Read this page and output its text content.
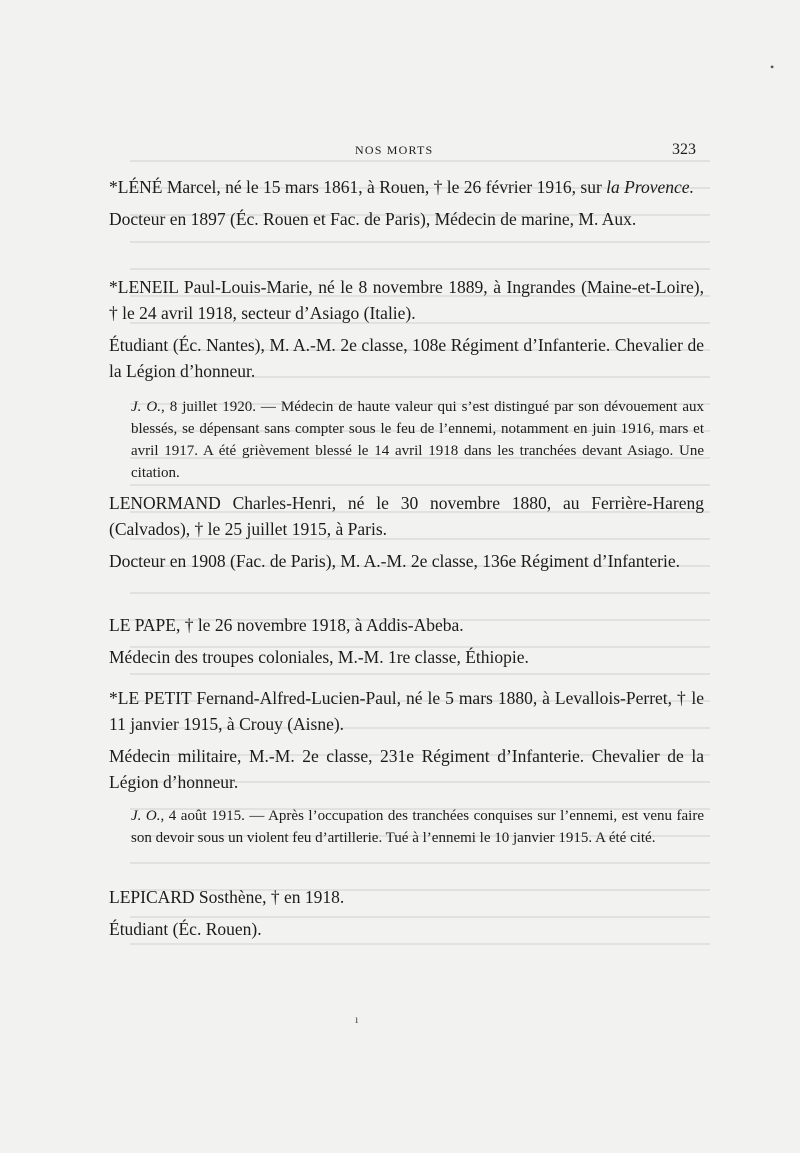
NOS MORTS	323

*LÉNÉ Marcel, né le 15 mars 1861, à Rouen, † le 26 février 1916, sur la Provence.

Docteur en 1897 (Éc. Rouen et Fac. de Paris), Médecin de marine, M. Aux.

*LENEIL Paul-Louis-Marie, né le 8 novembre 1889, à Ingrandes (Maine-et-Loire), † le 24 avril 1918, secteur d’Asiago (Italie).

Étudiant (Éc. Nantes), M. A.-M. 2e classe, 108e Régiment d’Infanterie. Chevalier de la Légion d’honneur.

J. O., 8 juillet 1920. — Médecin de haute valeur qui s’est distingué par son dévouement aux blessés, se dépensant sans compter sous le feu de l’ennemi, notamment en juin 1916, mars et avril 1917. A été grièvement blessé le 14 avril 1918 dans les tranchées devant Asiago. Une citation.

LENORMAND Charles-Henri, né le 30 novembre 1880, au Ferrière-Hareng (Calvados), † le 25 juillet 1915, à Paris.

Docteur en 1908 (Fac. de Paris), M. A.-M. 2e classe, 136e Régiment d’Infanterie.

LE PAPE, † le 26 novembre 1918, à Addis-Abeba.

Médecin des troupes coloniales, M.-M. 1re classe, Éthiopie.

*LE PETIT Fernand-Alfred-Lucien-Paul, né le 5 mars 1880, à Levallois-Perret, † le 11 janvier 1915, à Crouy (Aisne).

Médecin militaire, M.-M. 2e classe, 231e Régiment d’Infanterie. Chevalier de la Légion d’honneur.

J. O., 4 août 1915. — Après l’occupation des tranchées conquises sur l’ennemi, est venu faire son devoir sous un violent feu d’artillerie. Tué à l’ennemi le 10 janvier 1915. A été cité.

LEPICARD Sosthène, † en 1918.

Étudiant (Éc. Rouen).

•
ı
